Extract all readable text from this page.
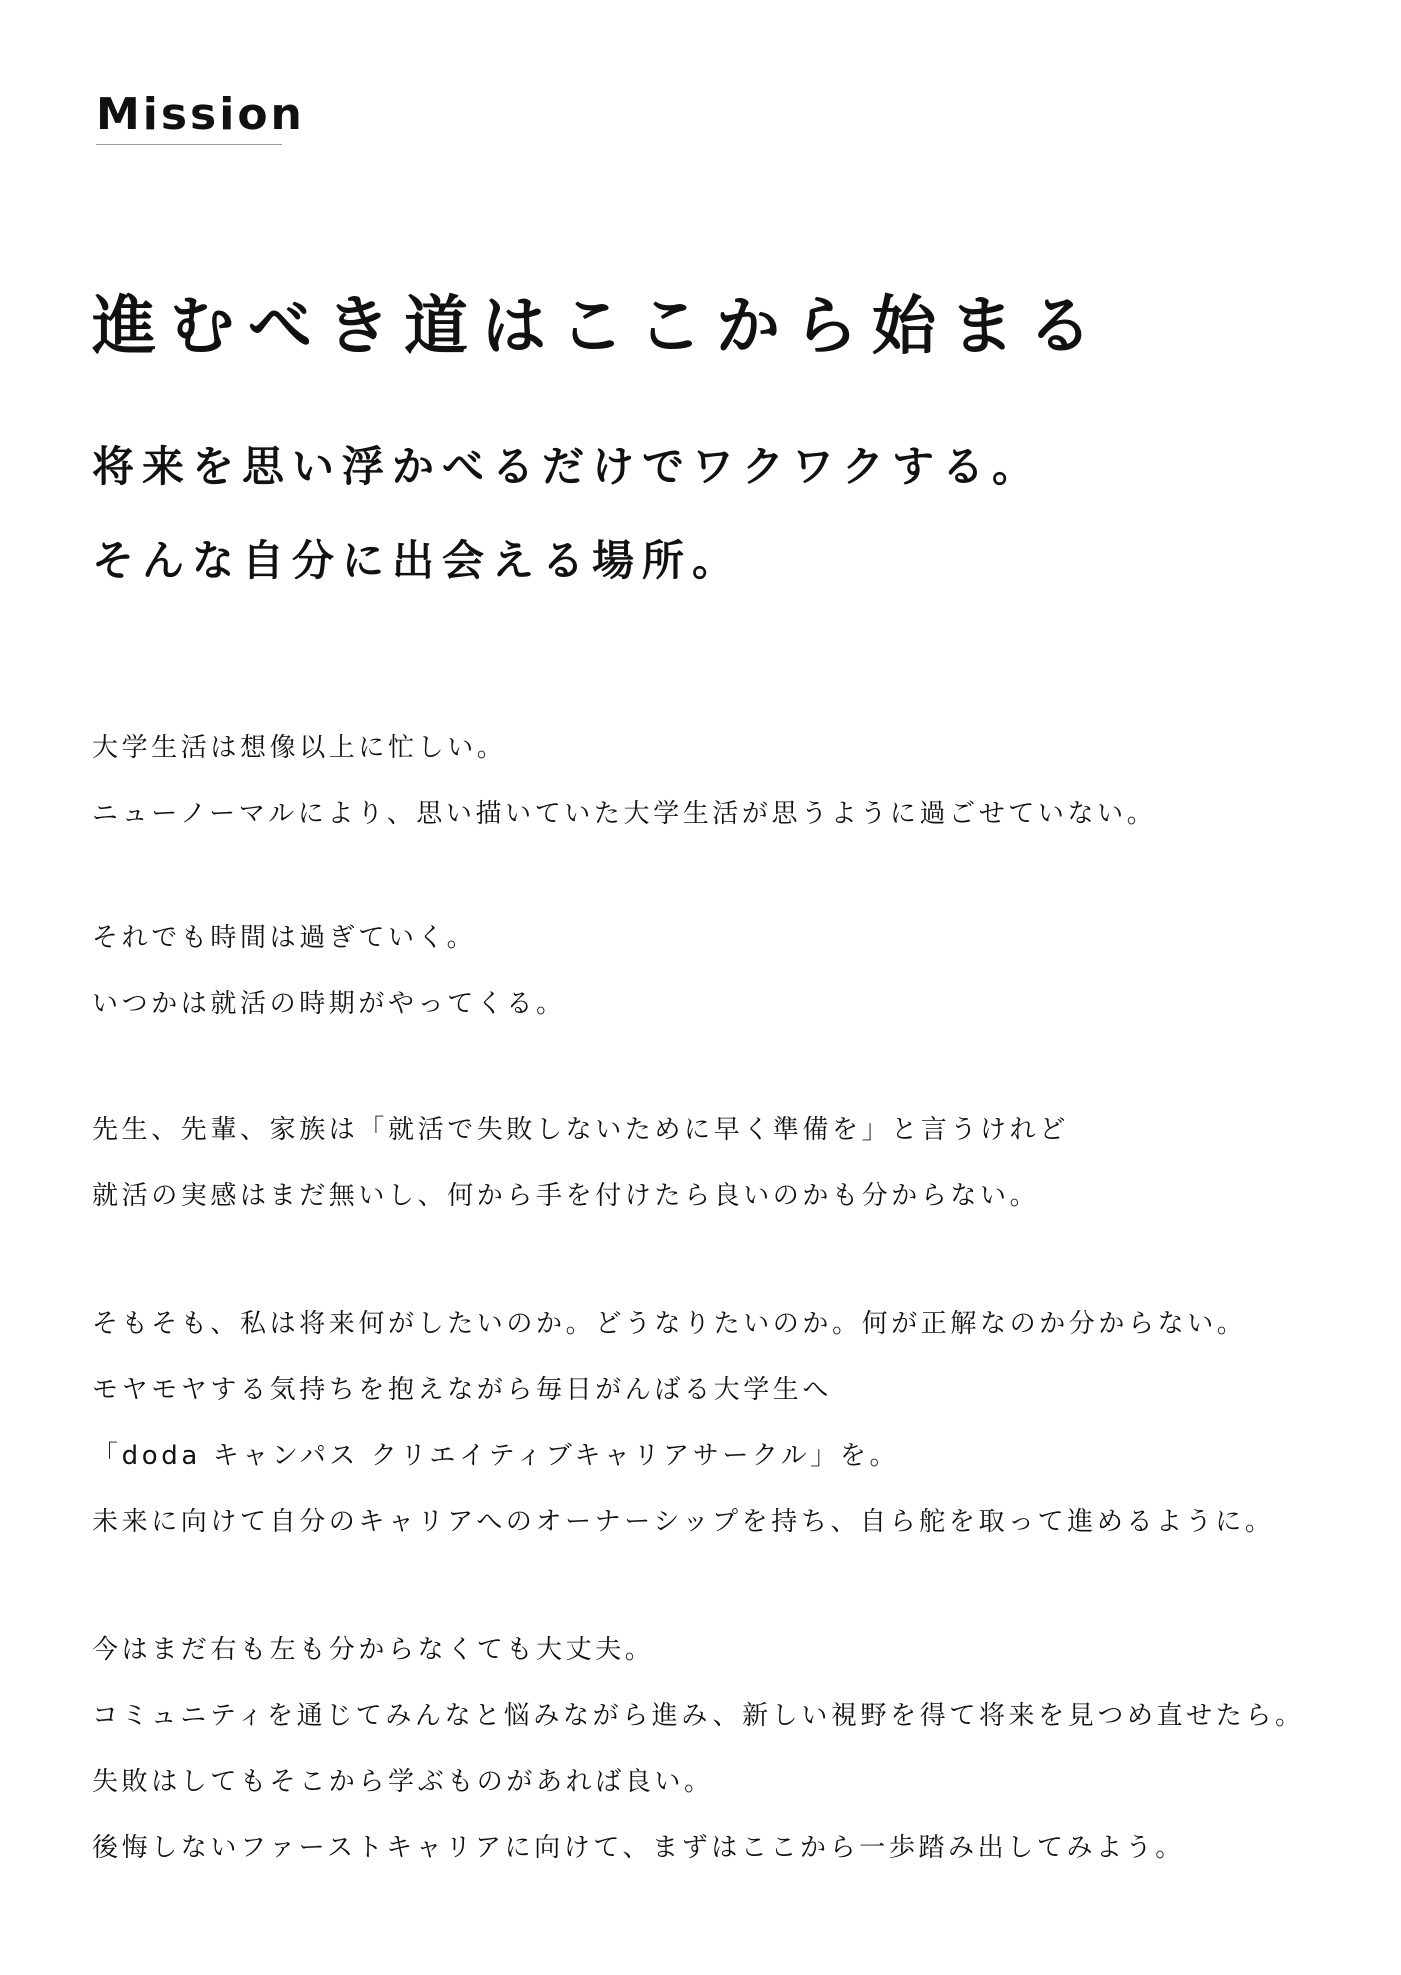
Mission
進むべき道はここから始まる
将来を思い浮かべるだけでワクワクする。
そんな自分に出会える場所。

大学生活は想像以上に忙しい。

ニューノーマルにより、思い描いていた大学生活が思うように過ごせていない。

それでも時間は過ぎていく。

いつかは就活の時期がやってくる。

先生、先輩、家族は「就活で失敗しないために早く準備を」と言うけれど

就活の実感はまだ無いし、何から手を付けたら良いのかも分からない。

そもそも、私は将来何がしたいのか。どうなりたいのか。何が正解なのか分からない。

モヤモヤする気持ちを抱えながら毎日がんばる大学生へ

「doda キャンパス クリエイティブキャリアサークル」を。

未来に向けて自分のキャリアへのオーナーシップを持ち、自ら舵を取って進めるように。

今はまだ右も左も分からなくても大丈夫。

コミュニティを通じてみんなと悩みながら進み、新しい視野を得て将来を見つめ直せたら。

失敗はしてもそこから学ぶものがあれば良い。

後悔しないファーストキャリアに向けて、まずはここから一歩踏み出してみよう。
